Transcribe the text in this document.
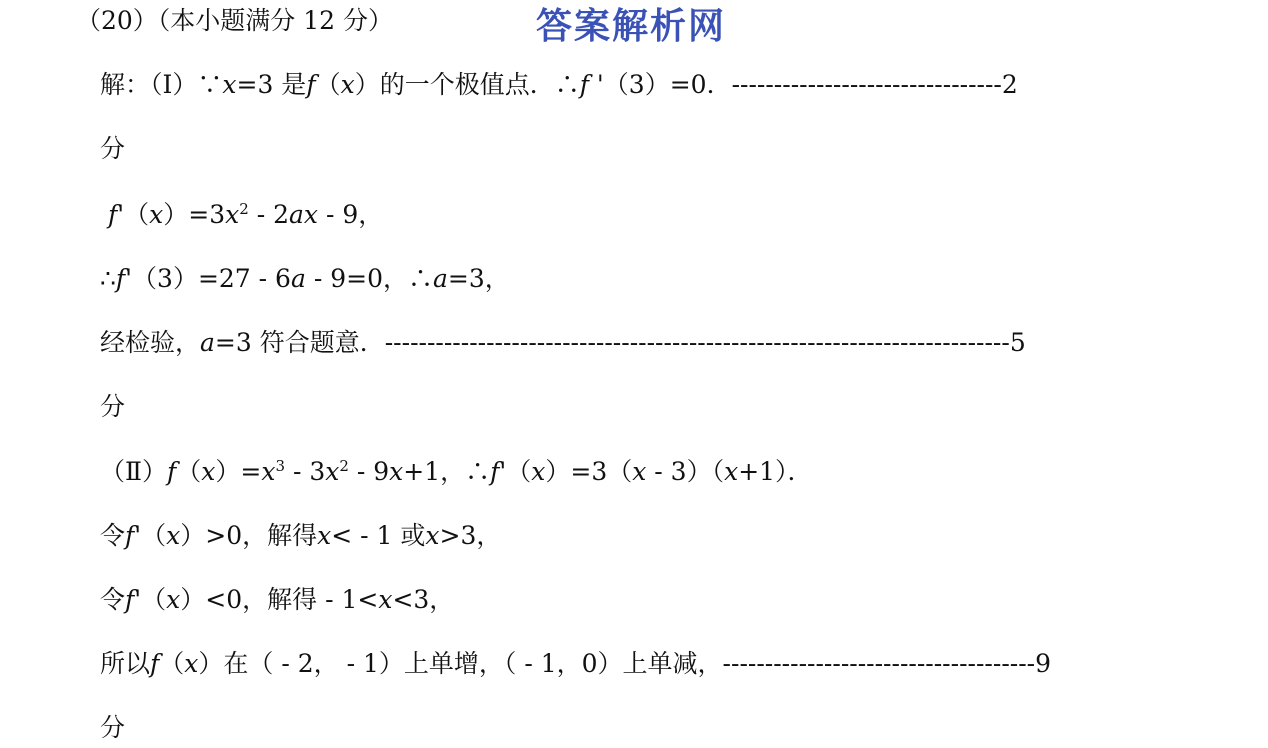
（20）（本小题满分 12 分）	答案解析网
解：（Ⅰ）∵x=3 是f（x）的一个极值点．∴f '（3）=0．--------------------------------2
分
$f'(x)=3x^2 - 2ax - 9$，
∴f'（3）=27 - 6a - 9=0，∴a=3，
经检验，a=3 符合题意．--------------------------------------------------------------------------5
分
$(Ⅱ)f(x)=x^3 - 3x^2 - 9x+1$，∴f'（x）=3（x - 3）（x+1）．
令f'（x）>0，解得x< - 1 或x>3，
令f'（x）<0，解得 - 1<x<3，
所以f（x）在（ - 2， - 1）上单增，（ - 1，0）上单减，-------------------------------------9
分
